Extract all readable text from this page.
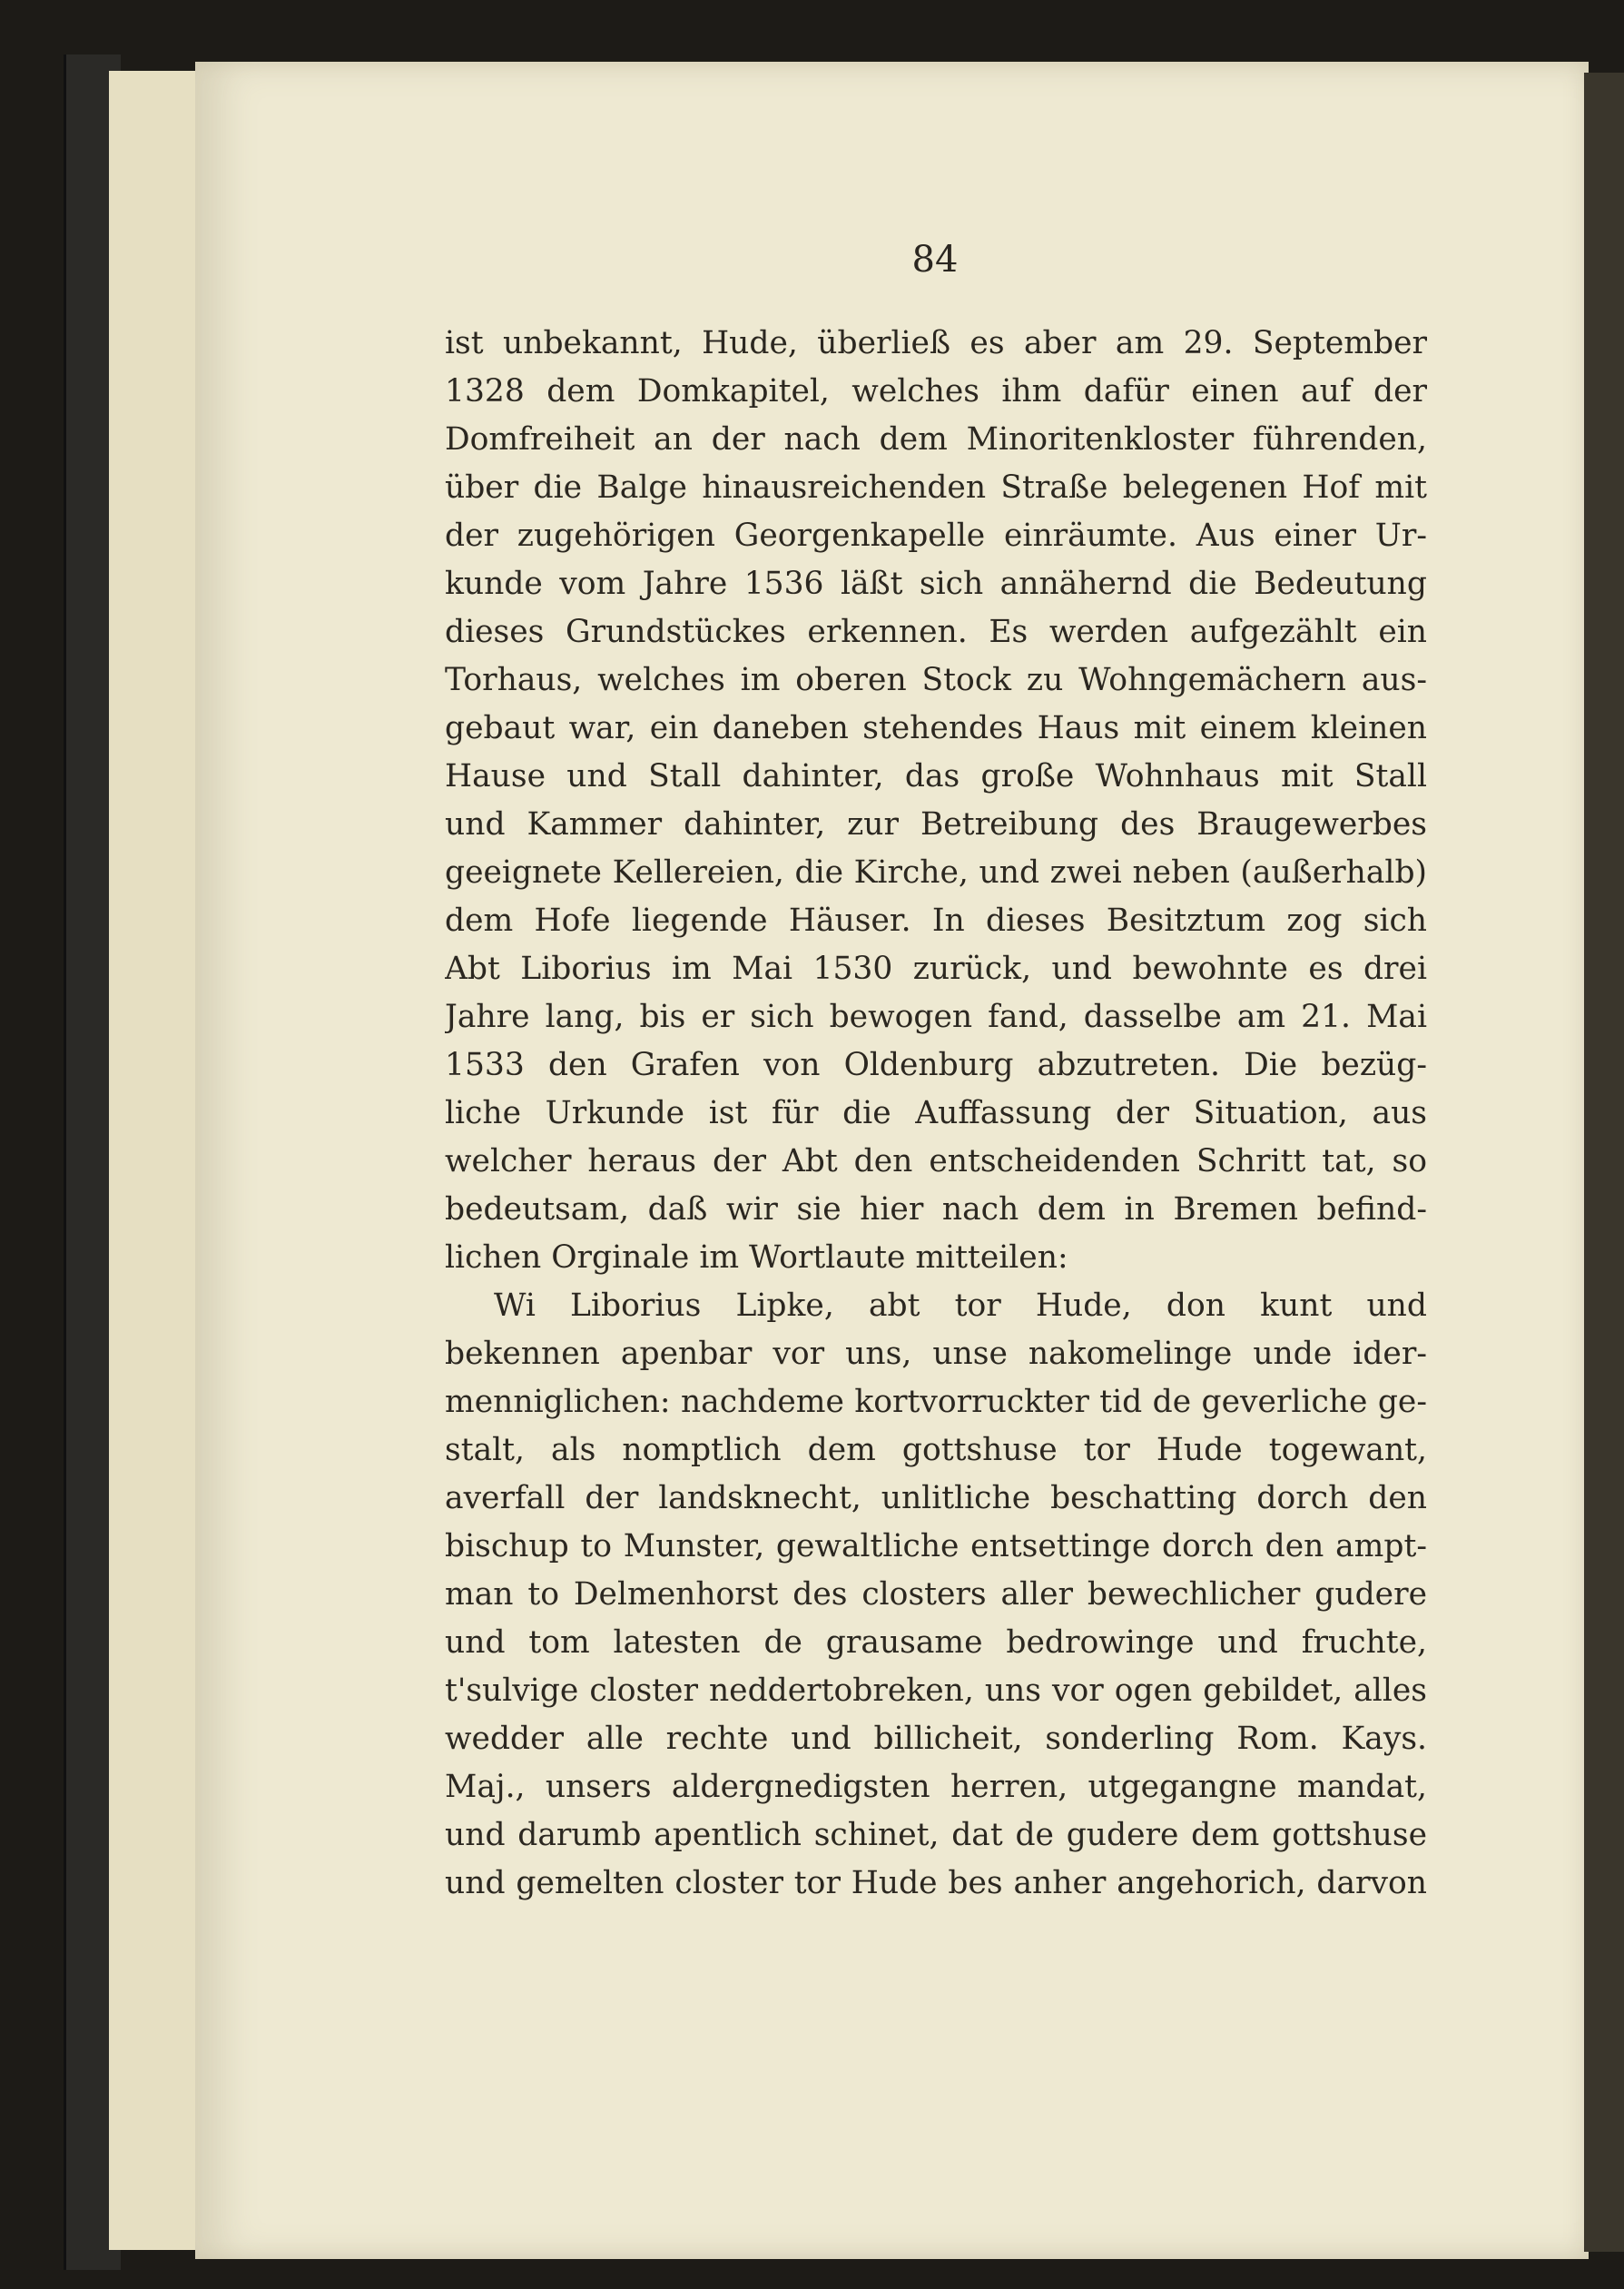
84
ist unbekannt, Hude, überließ es aber am 29. September
1328 dem Domkapitel, welches ihm dafür einen auf der
Domfreiheit an der nach dem Minoritenkloster führenden,
über die Balge hinausreichenden Straße belegenen Hof mit
der zugehörigen Georgenkapelle einräumte. Aus einer Ur-
kunde vom Jahre 1536 läßt sich annähernd die Bedeutung
dieses Grundstückes erkennen. Es werden aufgezählt ein
Torhaus, welches im oberen Stock zu Wohngemächern aus-
gebaut war, ein daneben stehendes Haus mit einem kleinen
Hause und Stall dahinter, das große Wohnhaus mit Stall
und Kammer dahinter, zur Betreibung des Braugewerbes
geeignete Kellereien, die Kirche, und zwei neben (außerhalb)
dem Hofe liegende Häuser. In dieses Besitztum zog sich
Abt Liborius im Mai 1530 zurück, und bewohnte es drei
Jahre lang, bis er sich bewogen fand, dasselbe am 21. Mai
1533 den Grafen von Oldenburg abzutreten. Die bezüg-
liche Urkunde ist für die Auffassung der Situation, aus
welcher heraus der Abt den entscheidenden Schritt tat, so
bedeutsam, daß wir sie hier nach dem in Bremen befind-
lichen Orginale im Wortlaute mitteilen:
Wi Liborius Lipke, abt tor Hude, don kunt und
bekennen apenbar vor uns, unse nakomelinge unde ider-
menniglichen: nachdeme kortvorruckter tid de geverliche ge-
stalt, als nomptlich dem gottshuse tor Hude togewant,
averfall der landsknecht, unlitliche beschatting dorch den
bischup to Munster, gewaltliche entsettinge dorch den ampt-
man to Delmenhorst des closters aller bewechlicher gudere
und tom latesten de grausame bedrowinge und fruchte,
t'sulvige closter neddertobreken, uns vor ogen gebildet, alles
wedder alle rechte und billicheit, sonderling Rom. Kays.
Maj., unsers aldergnedigsten herren, utgegangne mandat,
und darumb apentlich schinet, dat de gudere dem gottshuse
und gemelten closter tor Hude bes anher angehorich, darvon
